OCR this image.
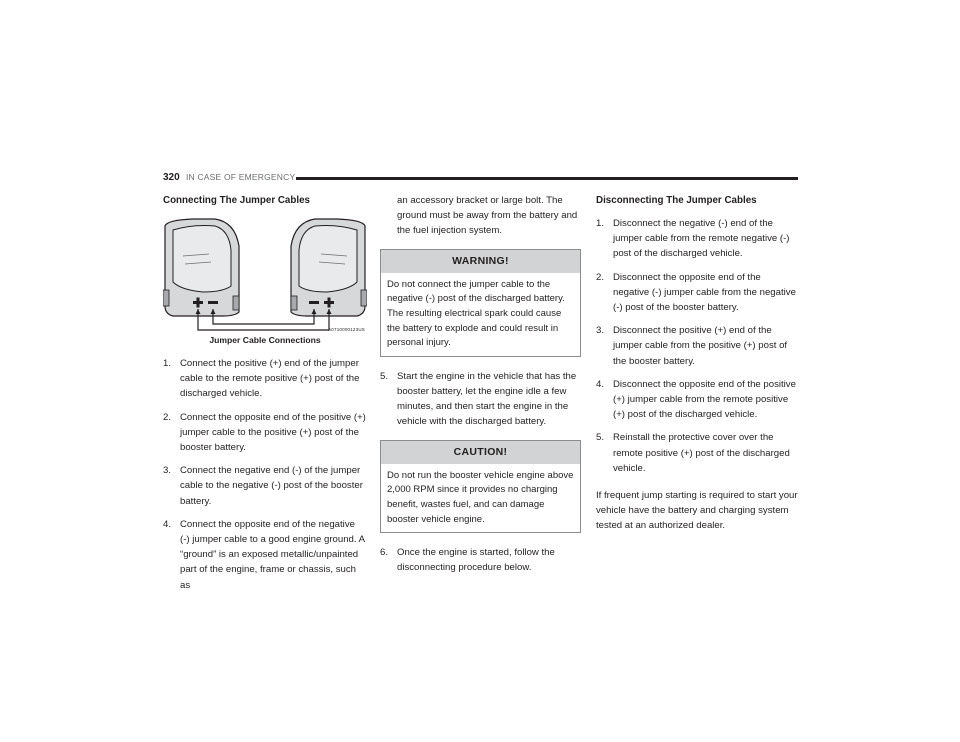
320 IN CASE OF EMERGENCY
Connecting The Jumper Cables
A0710000123US
Jumper Cable Connections
1. Connect the positive (+) end of the jumper cable to the remote positive (+) post of the discharged vehicle.
2. Connect the opposite end of the positive (+) jumper cable to the positive (+) post of the booster battery.
3. Connect the negative end (-) of the jumper cable to the negative (-) post of the booster battery.
4. Connect the opposite end of the negative (-) jumper cable to a good engine ground. A “ground” is an exposed metallic/unpainted part of the engine, frame or chassis, such as
an accessory bracket or large bolt. The ground must be away from the battery and the fuel injection system.
WARNING!
Do not connect the jumper cable to the negative (-) post of the discharged battery. The resulting electrical spark could cause the battery to explode and could result in personal injury.
5. Start the engine in the vehicle that has the booster battery, let the engine idle a few minutes, and then start the engine in the vehicle with the discharged battery.
CAUTION!
Do not run the booster vehicle engine above 2,000 RPM since it provides no charging benefit, wastes fuel, and can damage booster vehicle engine.
6. Once the engine is started, follow the disconnecting procedure below.
Disconnecting The Jumper Cables
1. Disconnect the negative (-) end of the jumper cable from the remote negative (-) post of the discharged vehicle.
2. Disconnect the opposite end of the negative (-) jumper cable from the negative (-) post of the booster battery.
3. Disconnect the positive (+) end of the jumper cable from the positive (+) post of the booster battery.
4. Disconnect the opposite end of the positive (+) jumper cable from the remote positive (+) post of the discharged vehicle.
5. Reinstall the protective cover over the remote positive (+) post of the discharged vehicle.

If frequent jump starting is required to start your vehicle have the battery and charging system tested at an authorized dealer.
